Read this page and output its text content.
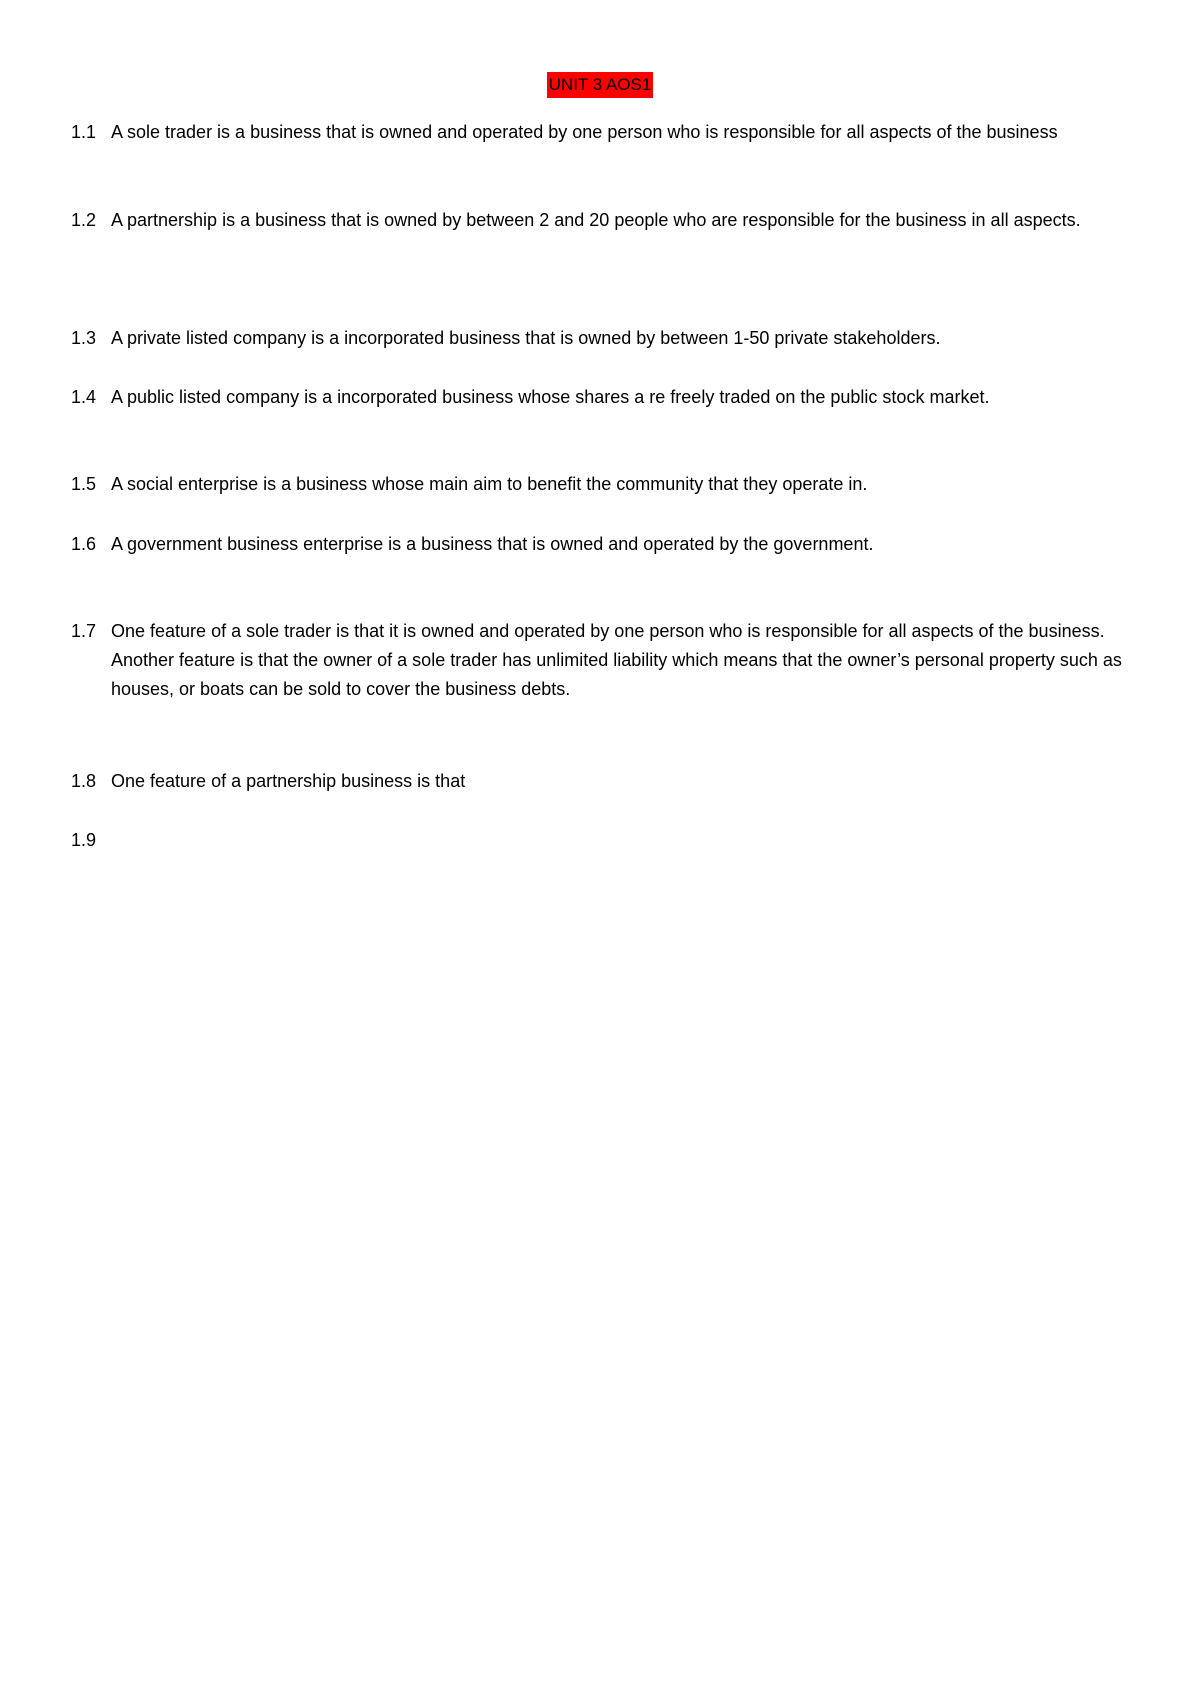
UNIT 3 AOS1
1.1 A sole trader is a business that is owned and operated by one person who is responsible for all aspects of the business
1.2 A partnership is a business that is owned by between 2 and 20 people who are responsible for the business in all aspects.
1.3 A private listed company is a incorporated business that is owned by between 1-50 private stakeholders.
1.4 A public listed company is a incorporated business whose shares a re freely traded on the public stock market.
1.5 A social enterprise is a business whose main aim to benefit the community that they operate in.
1.6 A government business enterprise is a business that is owned and operated by the government.
1.7 One feature of a sole trader is that it is owned and operated by one person who is responsible for all aspects of the business. Another feature is that the owner of a sole trader has unlimited liability which means that the owner’s personal property such as houses, or boats can be sold to cover the business debts.
1.8 One feature of a partnership business is that
1.9
